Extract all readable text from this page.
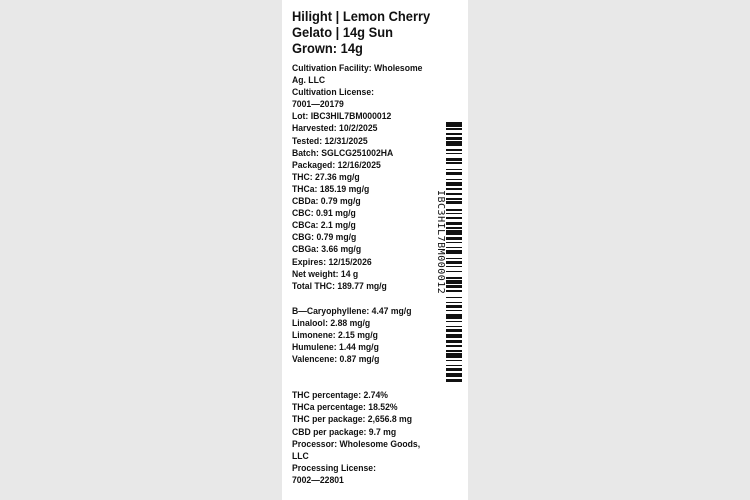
Hilight | Lemon Cherry Gelato | 14g Sun Grown: 14g
Cultivation Facility: Wholesome
Ag. LLC
Cultivation License:
7001—20179
Lot: IBC3HIL7BM000012
Harvested: 10/2/2025
Tested: 12/31/2025
Batch: SGLCG251002HA
Packaged: 12/16/2025
THC: 27.36 mg/g
THCa: 185.19 mg/g
CBDa: 0.79 mg/g
CBC: 0.91 mg/g
CBCa: 2.1 mg/g
CBG: 0.79 mg/g
CBGa: 3.66 mg/g
Expires: 12/15/2026
Net weight: 14 g
Total THC: 189.77 mg/g
B—Caryophyllene: 4.47 mg/g
Linalool: 2.88 mg/g
Limonene: 2.15 mg/g
Humulene: 1.44 mg/g
Valencene: 0.87 mg/g
THC percentage: 2.74%
THCa percentage: 18.52%
THC per package: 2,656.8 mg
CBD per package: 9.7 mg
Processor: Wholesome Goods,
LLC
Processing License:
7002—22801
IBC3HIL7BM000012
